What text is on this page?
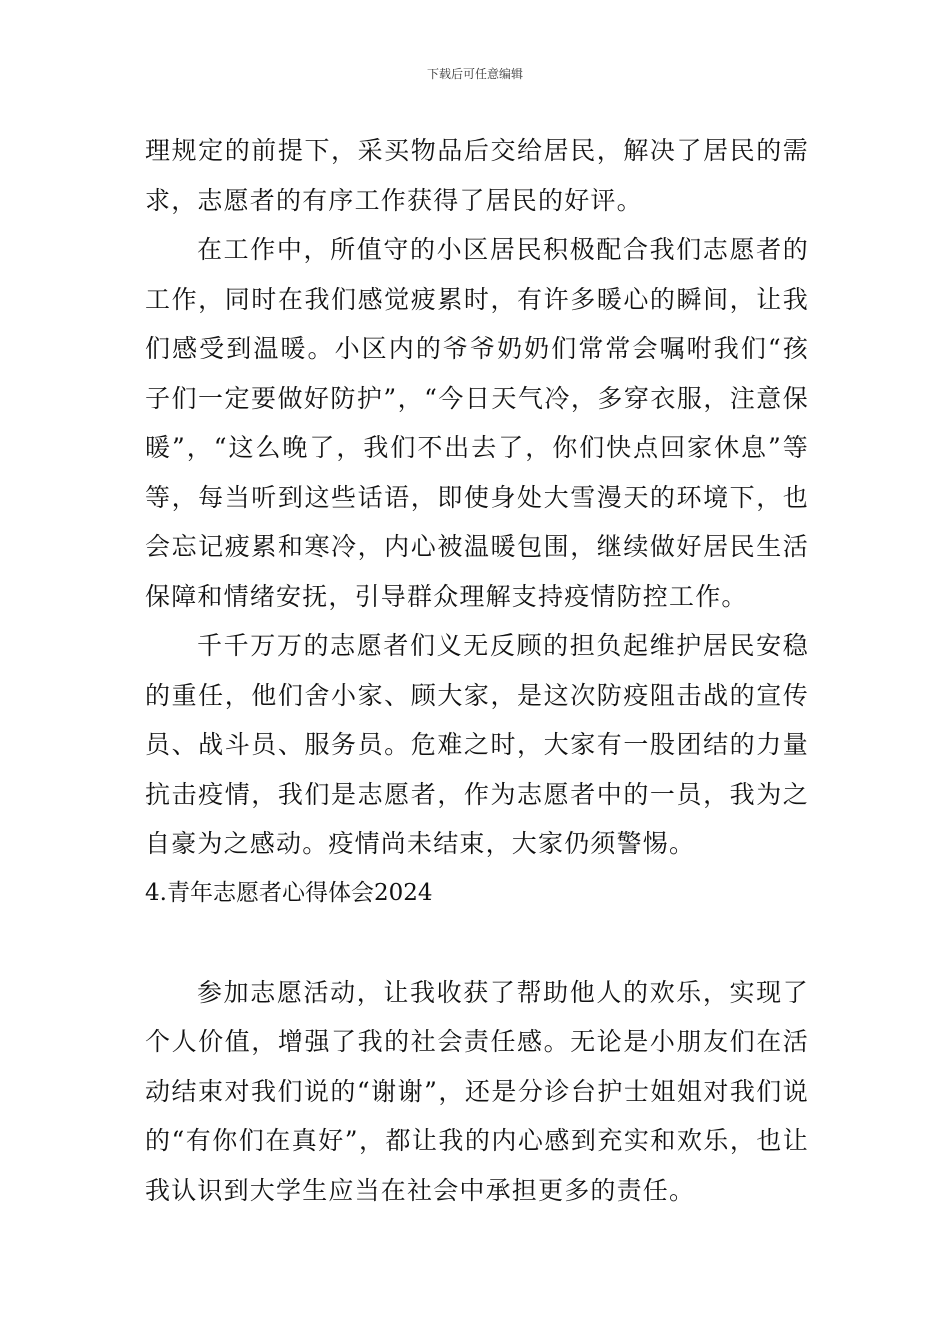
下载后可任意编辑

理规定的前提下，采买物品后交给居民，解决了居民的需求，志愿者的有序工作获得了居民的好评。

在工作中，所值守的小区居民积极配合我们志愿者的工作，同时在我们感觉疲累时，有许多暖心的瞬间，让我们感受到温暖。小区内的爷爷奶奶们常常会嘱咐我们“孩子们一定要做好防护”，“今日天气冷，多穿衣服，注意保暖”，“这么晚了，我们不出去了，你们快点回家休息”等等，每当听到这些话语，即使身处大雪漫天的环境下，也会忘记疲累和寒冷，内心被温暖包围，继续做好居民生活保障和情绪安抚，引导群众理解支持疫情防控工作。

千千万万的志愿者们义无反顾的担负起维护居民安稳的重任，他们舍小家、顾大家，是这次防疫阻击战的宣传员、战斗员、服务员。危难之时，大家有一股团结的力量抗击疫情，我们是志愿者，作为志愿者中的一员，我为之自豪为之感动。疫情尚未结束，大家仍须警惕。

4.青年志愿者心得体会2024

参加志愿活动，让我收获了帮助他人的欢乐，实现了个人价值，增强了我的社会责任感。无论是小朋友们在活动结束对我们说的“谢谢”，还是分诊台护士姐姐对我们说的“有你们在真好”，都让我的内心感到充实和欢乐，也让我认识到大学生应当在社会中承担更多的责任。
